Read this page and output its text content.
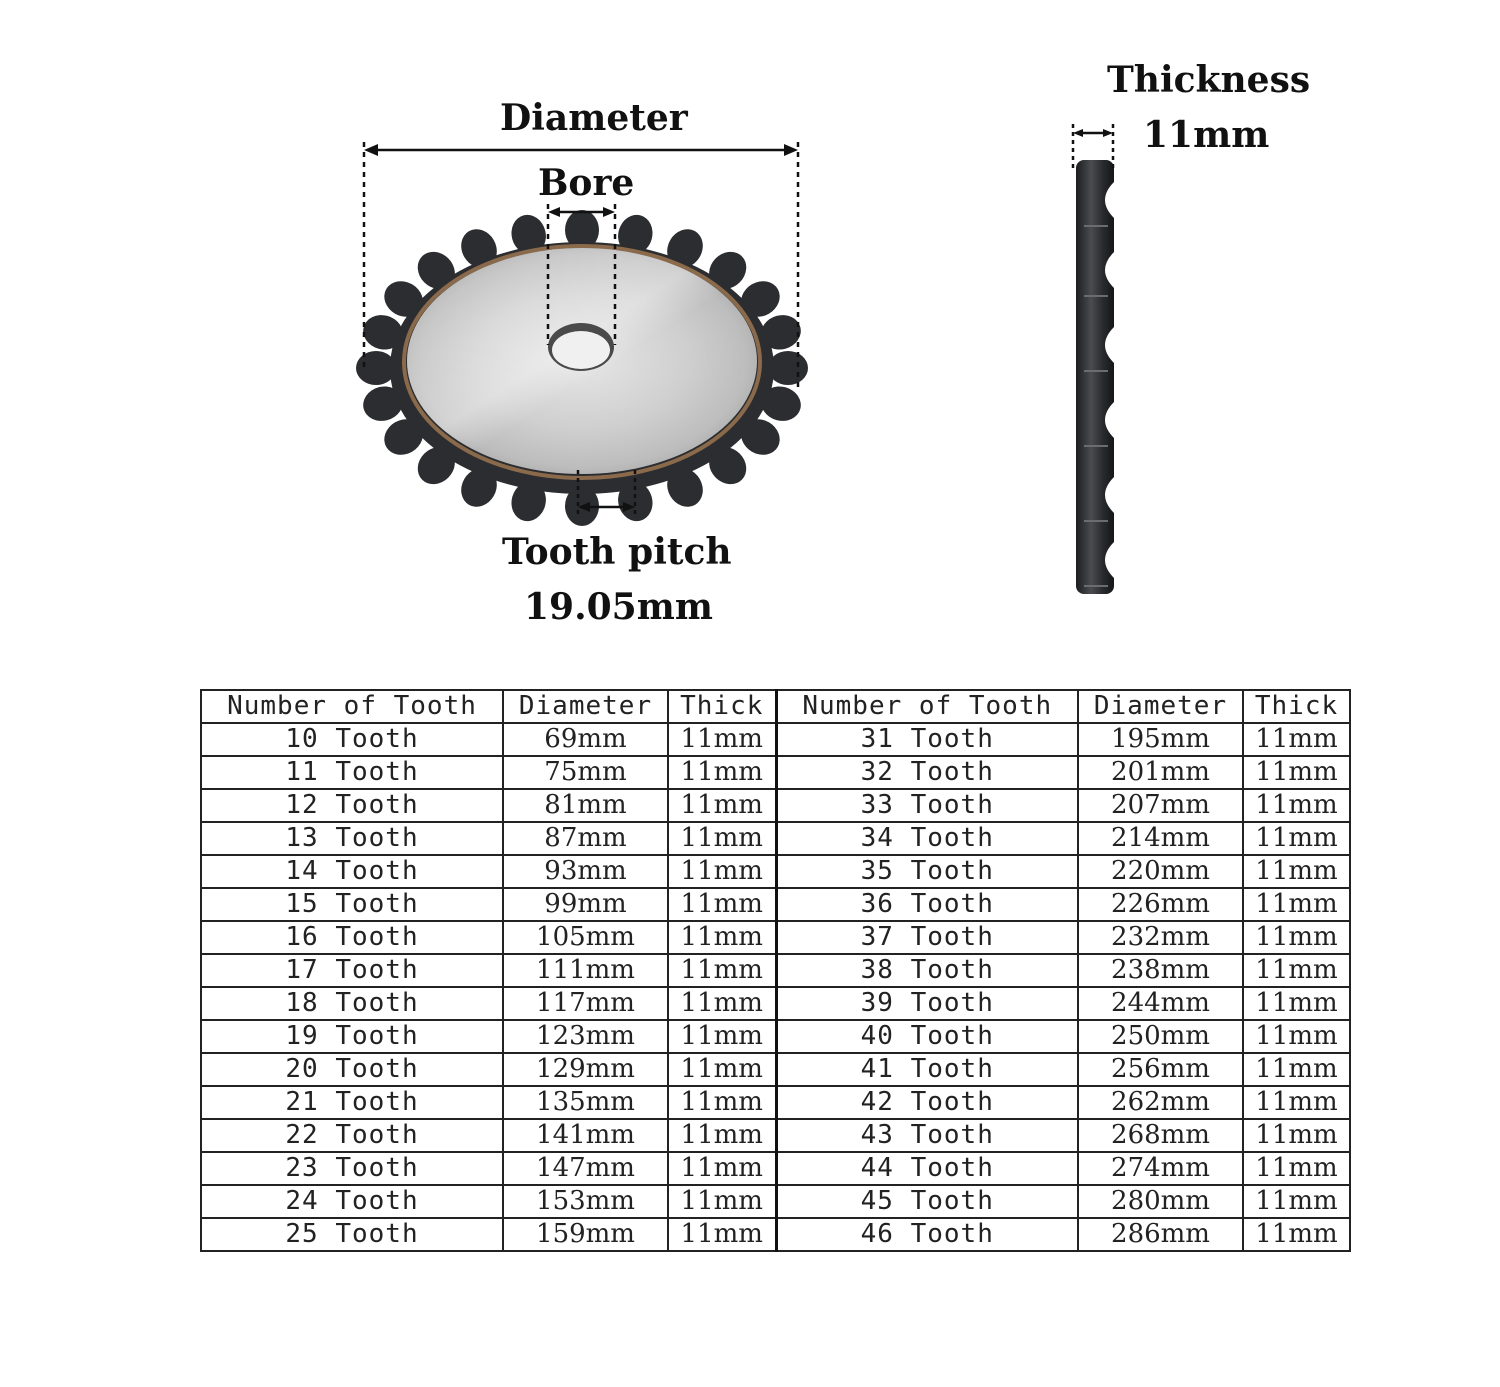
Diameter
Bore
Tooth pitch
19.05mm
Thickness
11mm
Number of Tooth	Diameter	Thick	Number of Tooth	Diameter	Thick
10 Tooth	69mm	11mm	31 Tooth	195mm	11mm
11 Tooth	75mm	11mm	32 Tooth	201mm	11mm
12 Tooth	81mm	11mm	33 Tooth	207mm	11mm
13 Tooth	87mm	11mm	34 Tooth	214mm	11mm
14 Tooth	93mm	11mm	35 Tooth	220mm	11mm
15 Tooth	99mm	11mm	36 Tooth	226mm	11mm
16 Tooth	105mm	11mm	37 Tooth	232mm	11mm
17 Tooth	111mm	11mm	38 Tooth	238mm	11mm
18 Tooth	117mm	11mm	39 Tooth	244mm	11mm
19 Tooth	123mm	11mm	40 Tooth	250mm	11mm
20 Tooth	129mm	11mm	41 Tooth	256mm	11mm
21 Tooth	135mm	11mm	42 Tooth	262mm	11mm
22 Tooth	141mm	11mm	43 Tooth	268mm	11mm
23 Tooth	147mm	11mm	44 Tooth	274mm	11mm
24 Tooth	153mm	11mm	45 Tooth	280mm	11mm
25 Tooth	159mm	11mm	46 Tooth	286mm	11mm
